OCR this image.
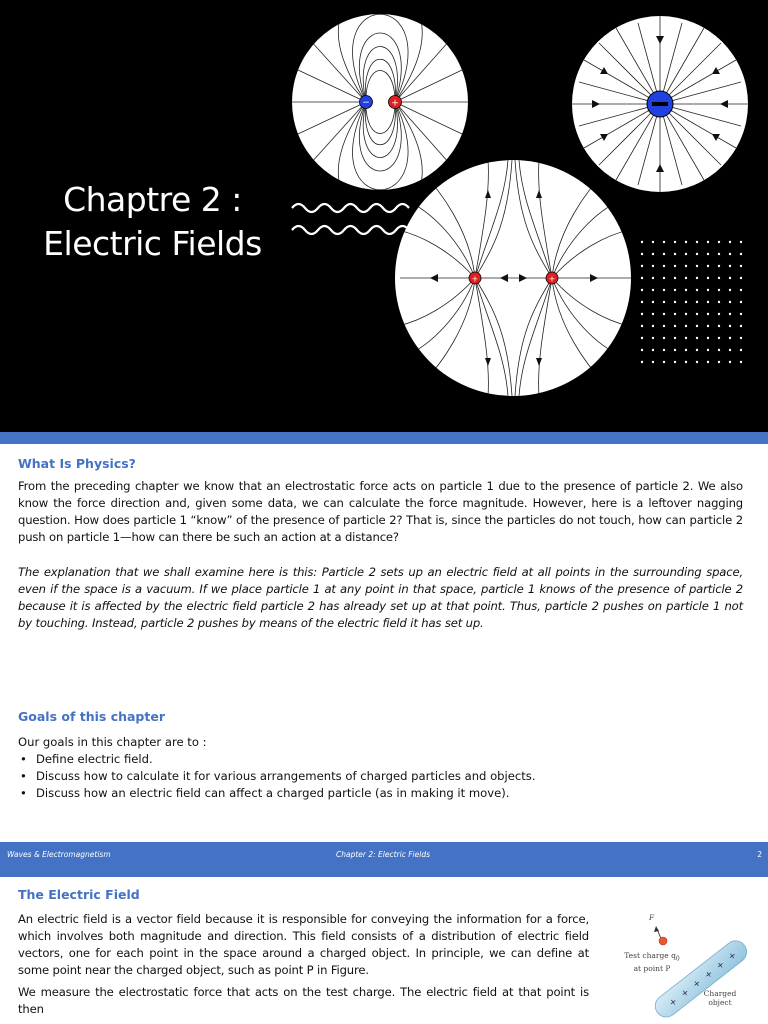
− +
+	+
Chaptre 2 :
Electric Fields
What Is Physics?

From the preceding chapter we know that an electrostatic force acts on particle 1 due to the presence of particle 2. We also know the force direction and, given some data, we can calculate the force magnitude. However, here is a leftover nagging question. How does particle 1 “know” of the presence of particle 2? That is, since the particles do not touch, how can particle 2 push on particle 1—how can there be such an action at a distance?

The explanation that we shall examine here is this: Particle 2 sets up an electric field at all points in the surrounding space, even if the space is a vacuum. If we place particle 1 at any point in that space, particle 1 knows of the presence of particle 2 because it is affected by the electric field particle 2 has already set up at that point. Thus, particle 2 pushes on particle 1 not by touching. Instead, particle 2 pushes by means of the electric field it has set up.

Goals of this chapter
Our goals in this chapter are to :
• Define electric field.
• Discuss how to calculate it for various arrangements of charged particles and objects.
• Discuss how an electric field can affect a charged particle (as in making it move).
Waves & Electromagnetism	Chapter 2: Electric Fields	2
The Electric Field

An electric field is a vector field because it is responsible for conveying the information for a force, which involves both magnitude and direction. This field consists of a distribution of electric field vectors, one for each point in the space around a charged object. In principle, we can define at some point near the charged object, such as point P in Figure.

We measure the electrostatic force that acts on the test charge. The electric field at that point is then	+
+
+
+
+
+
F
Test charge $q_0$
at point P
Charged
object
